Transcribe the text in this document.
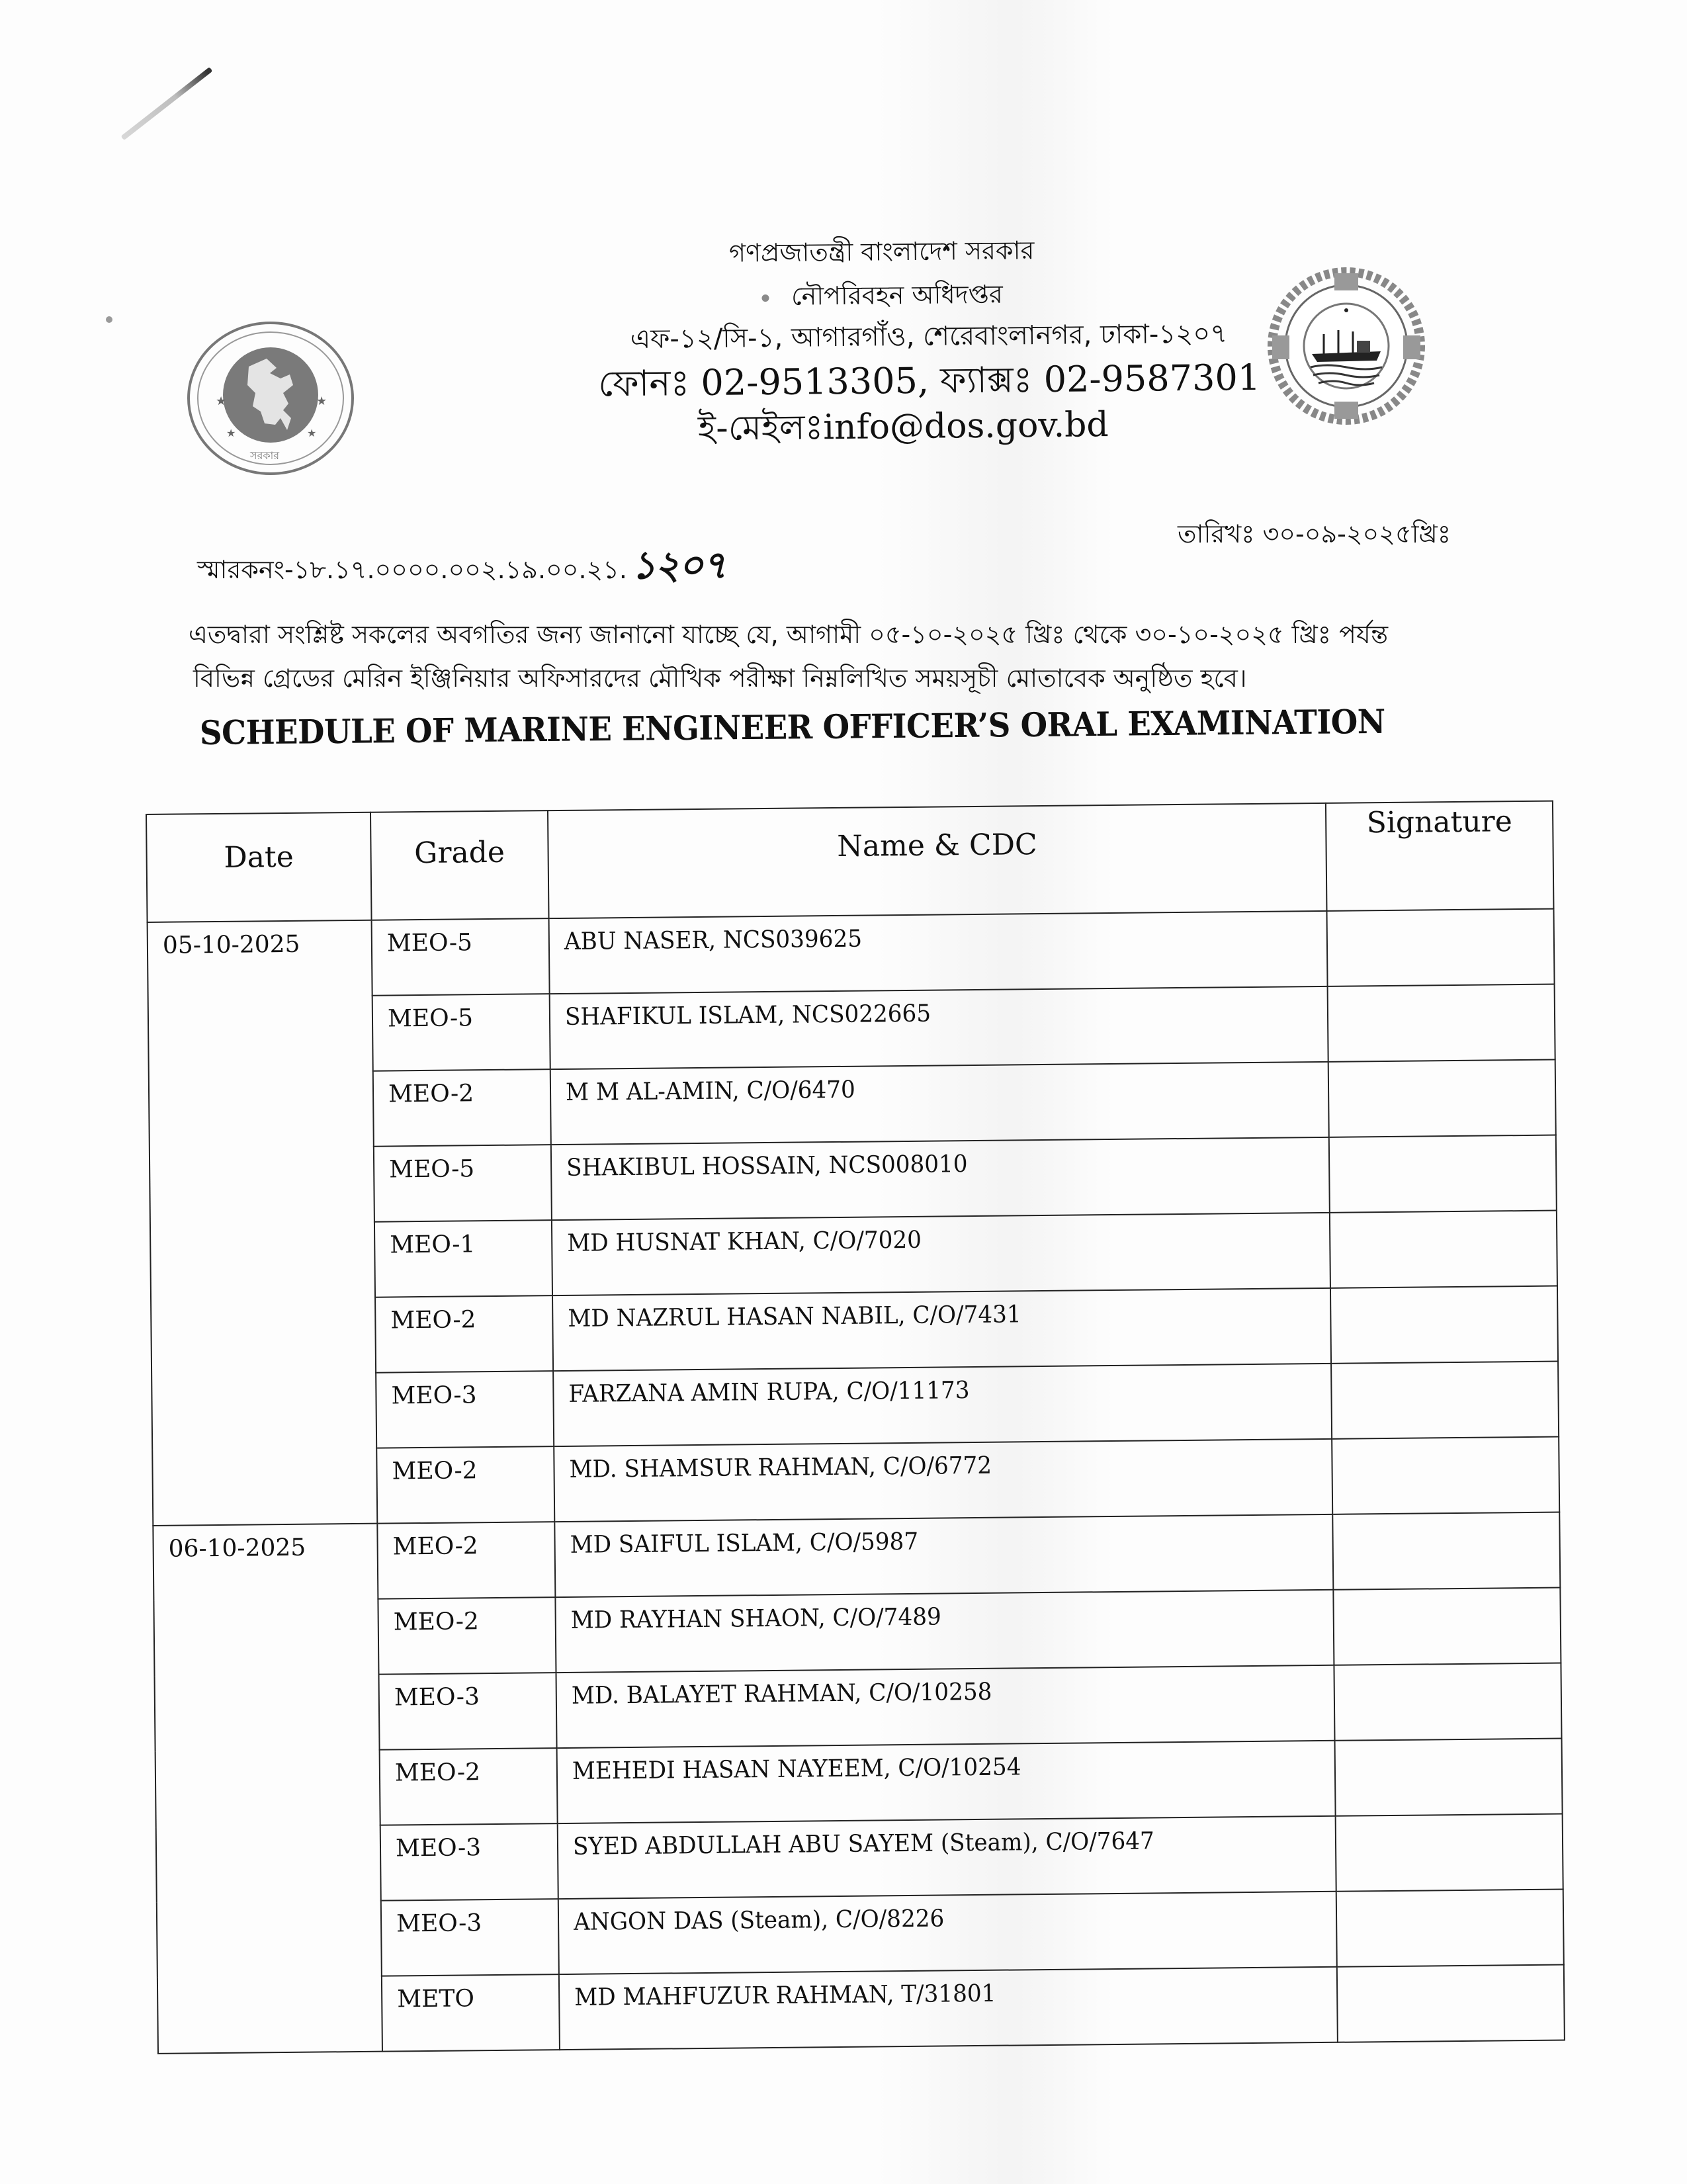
গণপ্রজাতন্ত্রী বাংলাদেশ সরকার
নৌপরিবহন অধিদপ্তর
এফ-১২/সি-১, আগারগাঁও, শেরেবাংলানগর, ঢাকা-১২০৭
ফোনঃ 02-9513305, ফ্যাক্সঃ 02-9587301
ই-মেইলঃinfo@dos.gov.bd
★	★
★	★
সরকার
স্মারকনং-১৮.১৭.০০০০.০০২.১৯.০০.২১. ১২০৭
তারিখঃ ৩০-০৯-২০২৫খ্রিঃ
এতদ্বারা সংশ্লিষ্ট সকলের অবগতির জন্য জানানো যাচ্ছে যে, আগামী ০৫-১০-২০২৫ খ্রিঃ থেকে ৩০-১০-২০২৫ খ্রিঃ পর্যন্ত
বিভিন্ন গ্রেডের মেরিন ইঞ্জিনিয়ার অফিসারদের মৌখিক পরীক্ষা নিম্নলিখিত সময়সূচী মোতাবেক অনুষ্ঠিত হবে।
SCHEDULE OF MARINE ENGINEER OFFICER’S ORAL EXAMINATION
Date	Grade	Name & CDC	Signature
05-10-2025	MEO-5	ABU NASER, NCS039625	
	MEO-5	SHAFIKUL ISLAM, NCS022665	
	MEO-2	M M AL-AMIN, C/O/6470	
	MEO-5	SHAKIBUL HOSSAIN, NCS008010	
	MEO-1	MD HUSNAT KHAN, C/O/7020	
	MEO-2	MD NAZRUL HASAN NABIL, C/O/7431	
	MEO-3	FARZANA AMIN RUPA, C/O/11173	
	MEO-2	MD. SHAMSUR RAHMAN, C/O/6772	
06-10-2025	MEO-2	MD SAIFUL ISLAM, C/O/5987	
	MEO-2	MD RAYHAN SHAON, C/O/7489	
	MEO-3	MD. BALAYET RAHMAN, C/O/10258	
	MEO-2	MEHEDI HASAN NAYEEM, C/O/10254	
	MEO-3	SYED ABDULLAH ABU SAYEM (Steam), C/O/7647	
	MEO-3	ANGON DAS (Steam), C/O/8226	
	METO	MD MAHFUZUR RAHMAN, T/31801	
